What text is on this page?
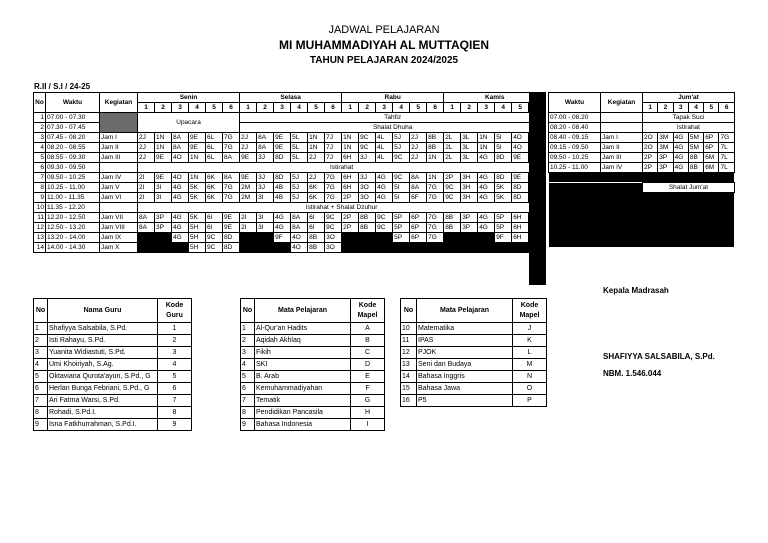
JADWAL PELAJARAN
MI MUHAMMADIYAH AL MUTTAQIEN
TAHUN PELAJARAN 2024/2025
R.II / S.I / 24-25
No	Waktu	Kegiatan	Senin						Selasa						Rabu						Kamis					
			1	2	3	4	5	6	1	2	3	4	5	6	1	2	3	4	5	6	1	2	3	4	5	
1	07.00 - 07.30		Upacara						Tahfiz																	
2	07.30 - 07.45								Shalat Dhuha																	
3	07.45 - 08.20	Jam I	2J	1N	8A	9E	6L	7G	2J	8A	9E	5L	1N	7J	1N	9C	4L	5J	2J	8B	2L	3L	1N	5I	4O	
4	08.20 - 08.55	Jam II	2J	1N	8A	9E	6L	7G	2J	8A	9E	5L	1N	7J	1N	9C	4L	5J	2J	8B	2L	3L	1N	5I	4O	
5	08.55 - 09.30	Jam III	2J	9E	4O	1N	6L	8A	9E	3J	8D	5L	2J	7J	6H	3J	4L	9C	2J	1N	2L	3L	4G	8D	9E	
6	09.30 - 09.50		Istirahat																							
7	09.50 - 10.25	Jam IV	2I	9E	4O	1N	6K	8A	9E	3J	8D	5J	2J	7G	6H	3J	4G	9C	8A	1N	2P	3H	4G	8D	9E	
8	10.25 - 11.00	Jam V	2I	3I	4G	5K	6K	7G	2M	3J	4B	5J	6K	7G	6H	3O	4G	5I	8A	7G	9C	3H	4G	5K	8D	
9	11.00 - 11.35	Jam VI	2I	3I	4G	5K	6K	7G	2M	3I	4B	5J	6K	7G	2P	3O	4G	5I	6F	7G	9C	3H	4G	5K	8D	
10	11.35 - 12.20		Istirahat + Shalat Dzuhur																							
11	12.20 - 12.50	Jam VII	8A	3P	4G	5K	6I	9E	2I	3I	4G	8A	6I	9C	2P	8B	9C	5P	6P	7G	8B	3P	4G	5P	6H	
12	12.50 - 13.20	Jam VIII	8A	3P	4G	5H	6I	9E	2I	3I	4G	8A	6I	9C	2P	8B	9C	5P	6P	7G	8B	3P	4G	5P	6H	
13	13.20 - 14.00	Jam IX			4G	5H	9C	8D			9F	4O	8B	3O				5P	6P	7G				9F	6H	
14	14.00 - 14.30	Jam X				5H	9C	8D				4O	8B	3O												
Waktu	Kegiatan	Jum'at					
		1	2	3	4	5	6
07.00 - 08.20		Tapak Suci					
08.20 - 08.40		Istirahat					
08.40 - 09.15	Jam I	2O	3M	4G	5M	6P	7G
09.15 - 09.50	Jam II	2O	3M	4G	5M	6P	7L
09.50 - 10.25	Jam III	2P	3P	4G	8B	6M	7L
10.25 - 11.00	Jam IV	2P	3P	4G	8B	6M	7L

		Shalat Jum'at					

No	Nama Guru	Kode Guru
1	Shafiyya Salsabila, S.Pd.	1
2	Isti Rahayu, S.Pd.	2
3	Yuanita Widiastuti, S.Pd.	3
4	Umi Khoiriyah, S.Ag.	4
5	Oktaviana Qurota'ayun, S.Pd., G	5
6	Herlan Bunga Febriani, S.Pd., G	6
7	Ari Fatma Warsi, S.Pd.	7
8	Rohadi, S.Pd.I.	8
9	Isna Fatkhurrahman, S.Pd.I.	9
No	Mata Pelajaran	Kode Mapel
1	Al-Qur'an Hadits	A
2	Aqidah Akhlaq	B
3	Fikih	C
4	SKI	D
5	B. Arab	E
6	Kemuhammadiyahan	F
7	Tematik	G
8	Pendidikan Pancasila	H
9	Bahasa Indonesia	I
No	Mata Pelajaran	Kode Mapel
10	Matematika	J
11	IPAS	K
12	PJOK	L
13	Seni dan Budaya	M
14	Bahasa Inggris	N
15	Bahasa Jawa	O
16	P5	P
Kepala Madrasah
SHAFIYYA SALSABILA, S.Pd.
NBM. 1.546.044
